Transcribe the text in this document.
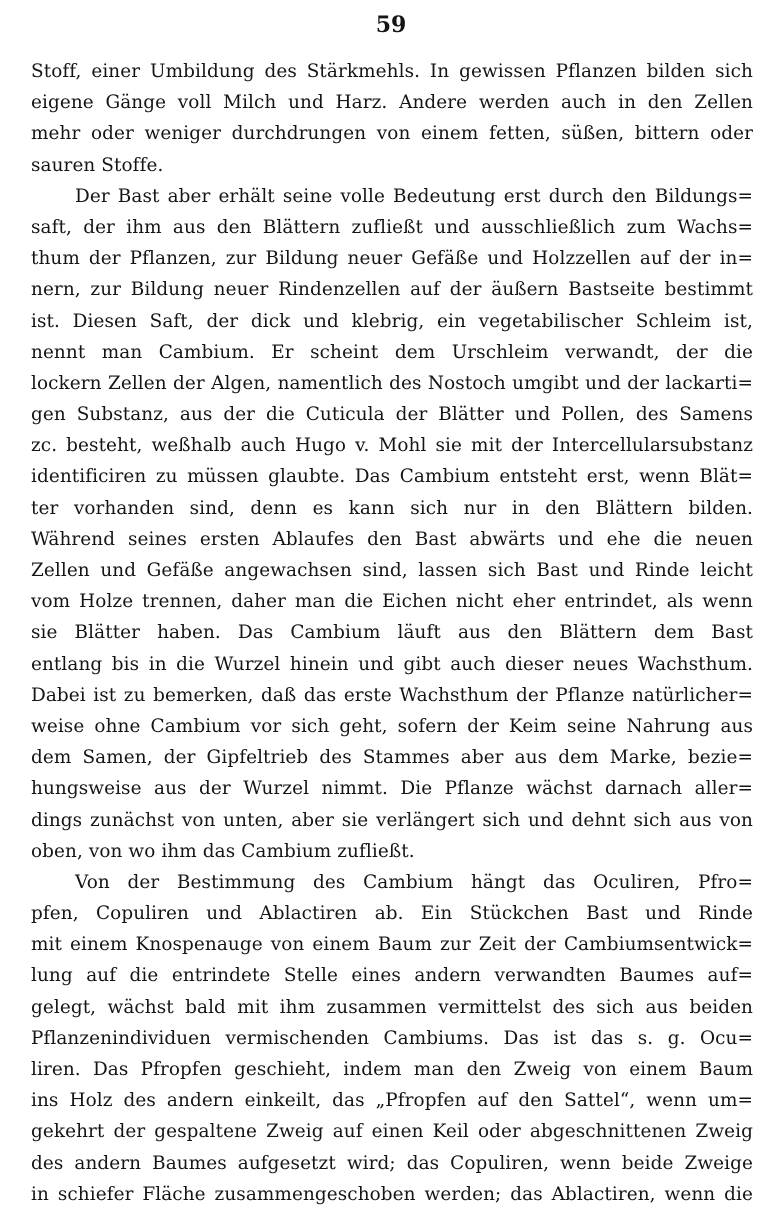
59
Stoff, einer Umbildung des Stärkmehls. In gewissen Pflanzen bilden sich
eigene Gänge voll Milch und Harz. Andere werden auch in den Zellen
mehr oder weniger durchdrungen von einem fetten, süßen, bittern oder
sauren Stoffe.
Der Bast aber erhält seine volle Bedeutung erst durch den Bildungs=
saft, der ihm aus den Blättern zufließt und ausschließlich zum Wachs=
thum der Pflanzen, zur Bildung neuer Gefäße und Holzzellen auf der in=
nern, zur Bildung neuer Rindenzellen auf der äußern Bastseite bestimmt
ist. Diesen Saft, der dick und klebrig, ein vegetabilischer Schleim ist,
nennt man Cambium. Er scheint dem Urschleim verwandt, der die
lockern Zellen der Algen, namentlich des Nostoch umgibt und der lackarti=
gen Substanz, aus der die Cuticula der Blätter und Pollen, des Samens
zc. besteht, weßhalb auch Hugo v. Mohl sie mit der Intercellularsubstanz
identificiren zu müssen glaubte. Das Cambium entsteht erst, wenn Blät=
ter vorhanden sind, denn es kann sich nur in den Blättern bilden.
Während seines ersten Ablaufes den Bast abwärts und ehe die neuen
Zellen und Gefäße angewachsen sind, lassen sich Bast und Rinde leicht
vom Holze trennen, daher man die Eichen nicht eher entrindet, als wenn
sie Blätter haben. Das Cambium läuft aus den Blättern dem Bast
entlang bis in die Wurzel hinein und gibt auch dieser neues Wachsthum.
Dabei ist zu bemerken, daß das erste Wachsthum der Pflanze natürlicher=
weise ohne Cambium vor sich geht, sofern der Keim seine Nahrung aus
dem Samen, der Gipfeltrieb des Stammes aber aus dem Marke, bezie=
hungsweise aus der Wurzel nimmt. Die Pflanze wächst darnach aller=
dings zunächst von unten, aber sie verlängert sich und dehnt sich aus von
oben, von wo ihm das Cambium zufließt.
Von der Bestimmung des Cambium hängt das Oculiren, Pfro=
pfen, Copuliren und Ablactiren ab. Ein Stückchen Bast und Rinde
mit einem Knospenauge von einem Baum zur Zeit der Cambiumsentwick=
lung auf die entrindete Stelle eines andern verwandten Baumes auf=
gelegt, wächst bald mit ihm zusammen vermittelst des sich aus beiden
Pflanzenindividuen vermischenden Cambiums. Das ist das s. g. Ocu=
liren. Das Pfropfen geschieht, indem man den Zweig von einem Baum
ins Holz des andern einkeilt, das „Pfropfen auf den Sattel“, wenn um=
gekehrt der gespaltene Zweig auf einen Keil oder abgeschnittenen Zweig
des andern Baumes aufgesetzt wird; das Copuliren, wenn beide Zweige
in schiefer Fläche zusammengeschoben werden; das Ablactiren, wenn die
